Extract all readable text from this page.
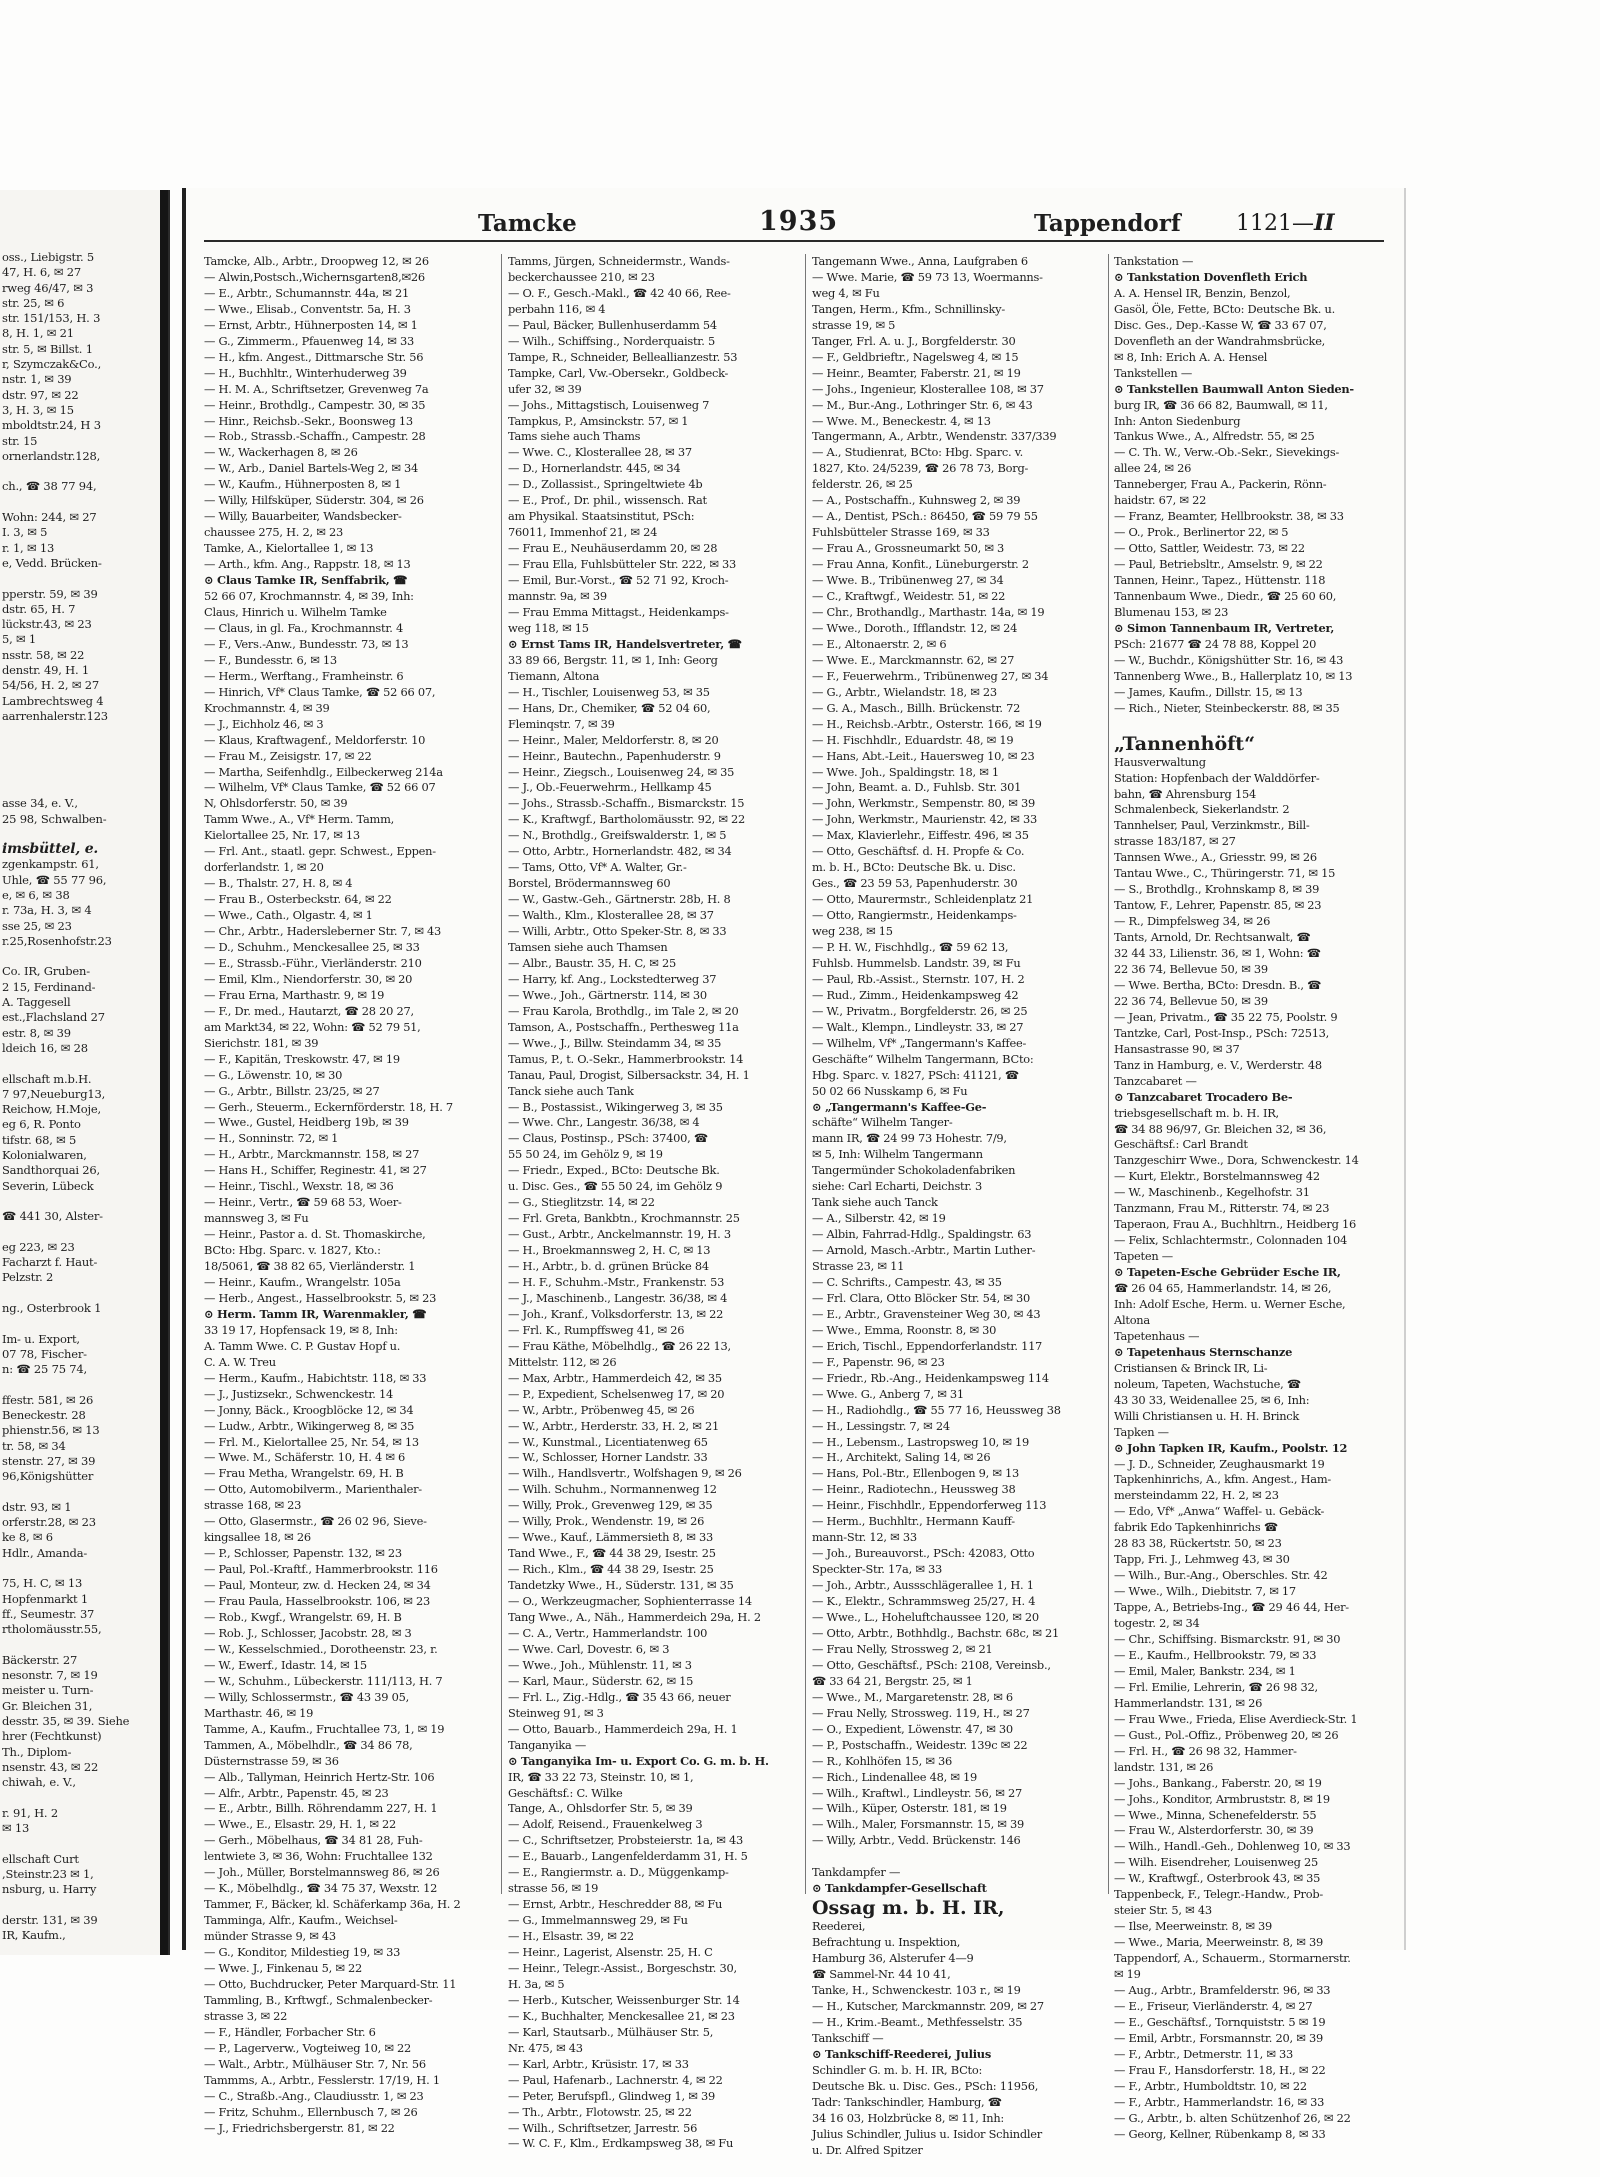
oss., Liebigstr. 5
47, H. 6, ✉ 27
rweg 46/47, ✉ 3
str. 25, ✉ 6
str. 151/153, H. 3
8, H. 1, ✉ 21
str. 5, ✉ Billst. 1
r, Szymczak&Co.,
nstr. 1, ✉ 39
dstr. 97, ✉ 22
3, H. 3, ✉ 15
mboldtstr.24, H 3
str. 15
ornerlandstr.128,

ch., ☎ 38 77 94,

Wohn: 244, ✉ 27
I. 3, ✉ 5
r. 1, ✉ 13
e, Vedd. Brücken-

pperstr. 59, ✉ 39
dstr. 65, H. 7
lückstr.43, ✉ 23
5, ✉ 1
nsstr. 58, ✉ 22
denstr. 49, H. 1
54/56, H. 2, ✉ 27
Lambrechtsweg 4
aarrenhalerstr.123
asse 34, e. V.,
25 98, Schwalben-

imsbüttel, e.
zgenkampstr. 61,
Uhle, ☎ 55 77 96,
e, ✉ 6, ✉ 38
r. 73a, H. 3, ✉ 4
sse 25, ✉ 23
r.25,Rosenhofstr.23

Co. IR, Gruben-
2 15, Ferdinand-
A. Taggesell
est.,Flachsland 27
estr. 8, ✉ 39
ldeich 16, ✉ 28

ellschaft m.b.H.
7 97,Neueburg13,
Reichow, H.Moje,
eg 6, R. Ponto
tifstr. 68, ✉ 5
Kolonialwaren,
Sandthorquai 26,
Severin, Lübeck

☎ 441 30, Alster-

eg 223, ✉ 23
Facharzt f. Haut-
Pelzstr. 2

ng., Osterbrook 1

Im- u. Export,
07 78, Fischer-
n: ☎ 25 75 74,

ffestr. 581, ✉ 26
Beneckestr. 28
phienstr.56, ✉ 13
tr. 58, ✉ 34
stenstr. 27, ✉ 39
96,Königshütter

dstr. 93, ✉ 1
orferstr.28, ✉ 23
ke 8, ✉ 6
Hdlr., Amanda-

75, H. C, ✉ 13
Hopfenmarkt 1
ff., Seumestr. 37
rtholomäusstr.55,

Bäckerstr. 27
nesonstr. 7, ✉ 19
meister u. Turn-
Gr. Bleichen 31,
desstr. 35, ✉ 39. Siehe
hrer (Fechtkunst)
Th., Diplom-
nsenstr. 43, ✉ 22
chiwah, e. V.,

r. 91, H. 2
✉ 13

ellschaft Curt
,Steinstr.23 ✉ 1,
nsburg, u. Harry

derstr. 131, ✉ 39
IR, Kaufm.,
Tamcke	1935	Tappendorf	1121—II
Tamcke, Alb., Arbtr., Droopweg 12, ✉ 26
— Alwin,Postsch.,Wichernsgarten8,✉26
— E., Arbtr., Schumannstr. 44a, ✉ 21
— Wwe., Elisab., Conventstr. 5a, H. 3
— Ernst, Arbtr., Hühnerposten 14, ✉ 1
— G., Zimmerm., Pfauenweg 14, ✉ 33
— H., kfm. Angest., Dittmarsche Str. 56
— H., Buchhltr., Winterhuderweg 39
— H. M. A., Schriftsetzer, Grevenweg 7a
— Heinr., Brothdlg., Campestr. 30, ✉ 35
— Hinr., Reichsb.-Sekr., Boonsweg 13
— Rob., Strassb.-Schaffn., Campestr. 28
— W., Wackerhagen 8, ✉ 26
— W., Arb., Daniel Bartels-Weg 2, ✉ 34
— W., Kaufm., Hühnerposten 8, ✉ 1
— Willy, Hilfsküper, Süderstr. 304, ✉ 26
— Willy, Bauarbeiter, Wandsbecker-
chaussee 275, H. 2, ✉ 23
Tamke, A., Kielortallee 1, ✉ 13
— Arth., kfm. Ang., Rappstr. 18, ✉ 13
⊙ Claus Tamke IR, Senffabrik, ☎
52 66 07, Krochmannstr. 4, ✉ 39, Inh:
Claus, Hinrich u. Wilhelm Tamke
— Claus, in gl. Fa., Krochmannstr. 4
— F., Vers.-Anw., Bundesstr. 73, ✉ 13
— F., Bundesstr. 6, ✉ 13
— Herm., Werftang., Framheinstr. 6
— Hinrich, Vf* Claus Tamke, ☎ 52 66 07,
Krochmannstr. 4, ✉ 39
— J., Eichholz 46, ✉ 3
— Klaus, Kraftwagenf., Meldorferstr. 10
— Frau M., Zeisigstr. 17, ✉ 22
— Martha, Seifenhdlg., Eilbeckerweg 214a
— Wilhelm, Vf* Claus Tamke, ☎ 52 66 07
N, Ohlsdorferstr. 50, ✉ 39
Tamm Wwe., A., Vf* Herm. Tamm,
Kielortallee 25, Nr. 17, ✉ 13
— Frl. Ant., staatl. gepr. Schwest., Eppen-
dorferlandstr. 1, ✉ 20
— B., Thalstr. 27, H. 8, ✉ 4
— Frau B., Osterbeckstr. 64, ✉ 22
— Wwe., Cath., Olgastr. 4, ✉ 1
— Chr., Arbtr., Hadersleberner Str. 7, ✉ 43
— D., Schuhm., Menckesallee 25, ✉ 33
— E., Strassb.-Führ., Vierländerstr. 210
— Emil, Klm., Niendorferstr. 30, ✉ 20
— Frau Erna, Marthastr. 9, ✉ 19
— F., Dr. med., Hautarzt, ☎ 28 20 27,
am Markt34, ✉ 22, Wohn: ☎ 52 79 51,
Sierichstr. 181, ✉ 39
— F., Kapitän, Treskowstr. 47, ✉ 19
— G., Löwenstr. 10, ✉ 30
— G., Arbtr., Billstr. 23/25, ✉ 27
— Gerh., Steuerm., Eckernförderstr. 18, H. 7
— Wwe., Gustel, Heidberg 19b, ✉ 39
— H., Sonninstr. 72, ✉ 1
— H., Arbtr., Marckmannstr. 158, ✉ 27
— Hans H., Schiffer, Reginestr. 41, ✉ 27
— Heinr., Tischl., Wexstr. 18, ✉ 36
— Heinr., Vertr., ☎ 59 68 53, Woer-
mannsweg 3, ✉ Fu
— Heinr., Pastor a. d. St. Thomaskirche,
BCto: Hbg. Sparc. v. 1827, Kto.:
18/5061, ☎ 38 82 65, Vierländerstr. 1
— Heinr., Kaufm., Wrangelstr. 105a
— Herb., Angest., Hasselbrookstr. 5, ✉ 23
⊙ Herm. Tamm IR, Warenmakler, ☎
33 19 17, Hopfensack 19, ✉ 8, Inh:
A. Tamm Wwe. C. P. Gustav Hopf u.
C. A. W. Treu
— Herm., Kaufm., Habichtstr. 118, ✉ 33
— J., Justizsekr., Schwenckestr. 14
— Jonny, Bäck., Kroogblöcke 12, ✉ 34
— Ludw., Arbtr., Wikingerweg 8, ✉ 35
— Frl. M., Kielortallee 25, Nr. 54, ✉ 13
— Wwe. M., Schäferstr. 10, H. 4 ✉ 6
— Frau Metha, Wrangelstr. 69, H. B
— Otto, Automobilverm., Marienthaler-
strasse 168, ✉ 23
— Otto, Glasermstr., ☎ 26 02 96, Sieve-
kingsallee 18, ✉ 26
— P., Schlosser, Papenstr. 132, ✉ 23
— Paul, Pol.-Kraftf., Hammerbrookstr. 116
— Paul, Monteur, zw. d. Hecken 24, ✉ 34
— Frau Paula, Hasselbrookstr. 106, ✉ 23
— Rob., Kwgf., Wrangelstr. 69, H. B
— Rob. J., Schlosser, Jacobstr. 28, ✉ 3
— W., Kesselschmied., Dorotheenstr. 23, r.
— W., Ewerf., Idastr. 14, ✉ 15
— W., Schuhm., Lübeckerstr. 111/113, H. 7
— Willy, Schlossermstr., ☎ 43 39 05,
Marthastr. 46, ✉ 19
Tamme, A., Kaufm., Fruchtallee 73, 1, ✉ 19
Tammen, A., Möbelhdlr., ☎ 34 86 78,
Düsternstrasse 59, ✉ 36
— Alb., Tallyman, Heinrich Hertz-Str. 106
— Alfr., Arbtr., Papenstr. 45, ✉ 23
— E., Arbtr., Billh. Röhrendamm 227, H. 1
— Wwe., E., Elsastr. 29, H. 1, ✉ 22
— Gerh., Möbelhaus, ☎ 34 81 28, Fuh-
lentwiete 3, ✉ 36, Wohn: Fruchtallee 132
— Joh., Müller, Borstelmannsweg 86, ✉ 26
— K., Möbelhdlg., ☎ 34 75 37, Wexstr. 12
Tammer, F., Bäcker, kl. Schäferkamp 36a, H. 2
Tammingа, Alfr., Kaufm., Weichsel-
münder Strasse 9, ✉ 43
— G., Konditor, Mildestieg 19, ✉ 33
— Wwe. J., Finkenau 5, ✉ 22
— Otto, Buchdrucker, Peter Marquard-Str. 11
Tammling, B., Krftwgf., Schmalenbecker-
strasse 3, ✉ 22
— F., Händler, Forbacher Str. 6
— P., Lagerverw., Vogteiweg 10, ✉ 22
— Walt., Arbtr., Mülhäuser Str. 7, Nr. 56
Tammms, A., Arbtr., Fesslerstr. 17/19, H. 1
— C., Straßb.-Ang., Claudiusstr. 1, ✉ 23
— Fritz, Schuhm., Ellernbusch 7, ✉ 26
— J., Friedrichsbergerstr. 81, ✉ 22
Tamms, Jürgen, Schneidermstr., Wands-
beckerchaussee 210, ✉ 23
— O. F., Gesch.-Makl., ☎ 42 40 66, Ree-
perbahn 116, ✉ 4
— Paul, Bäcker, Bullenhuserdamm 54
— Wilh., Schiffsing., Norderquaistr. 5
Tampe, R., Schneider, Belleallianzestr. 53
Tampke, Carl, Vw.-Obersekr., Goldbeck-
ufer 32, ✉ 39
— Johs., Mittagstisch, Louisenweg 7
Tampkus, P., Amsinckstr. 57, ✉ 1
Tams siehe auch Thams
— Wwe. C., Klosterallee 28, ✉ 37
— D., Hornerlandstr. 445, ✉ 34
— D., Zollassist., Springeltwiete 4b
— E., Prof., Dr. phil., wissensch. Rat
am Physikal. Staatsinstitut, PSch:
76011, Immenhof 21, ✉ 24
— Frau E., Neuhäuserdamm 20, ✉ 28
— Frau Ella, Fuhlsbütteler Str. 222, ✉ 33
— Emil, Bur.-Vorst., ☎ 52 71 92, Kroch-
mannstr. 9a, ✉ 39
— Frau Emma Mittagst., Heidenkamps-
weg 118, ✉ 15
⊙ Ernst Tams IR, Handelsvertreter, ☎
33 89 66, Bergstr. 11, ✉ 1, Inh: Georg
Tiemann, Altona
— H., Tischler, Louisenweg 53, ✉ 35
— Hans, Dr., Chemiker, ☎ 52 04 60,
Fleminqstr. 7, ✉ 39
— Heinr., Maler, Meldorferstr. 8, ✉ 20
— Heinr., Bautechn., Papenhuderstr. 9
— Heinr., Ziegsch., Louisenweg 24, ✉ 35
— J., Ob.-Feuerwehrm., Hellkamp 45
— Johs., Strassb.-Schaffn., Bismarckstr. 15
— K., Kraftwgf., Bartholomäusstr. 92, ✉ 22
— N., Brothdlg., Greifswalderstr. 1, ✉ 5
— Otto, Arbtr., Hornerlandstr. 482, ✉ 34
— Tams, Otto, Vf* A. Walter, Gr.-
Borstel, Brödermannsweg 60
— W., Gastw.-Geh., Gärtnerstr. 28b, H. 8
— Walth., Klm., Klosterallee 28, ✉ 37
— Willi, Arbtr., Otto Speker-Str. 8, ✉ 33
Tamsen siehe auch Thamsen
— Albr., Baustr. 35, H. C, ✉ 25
— Harry, kf. Ang., Lockstedterweg 37
— Wwe., Joh., Gärtnerstr. 114, ✉ 30
— Frau Karola, Brothdlg., im Tale 2, ✉ 20
Tamson, A., Postschaffn., Perthesweg 11a
— Wwe., J., Billw. Steindamm 34, ✉ 35
Tamus, P., t. O.-Sekr., Hammerbrookstr. 14
Tanau, Paul, Drogist, Silbersackstr. 34, H. 1
Tanck siehe auch Tank
— B., Postassist., Wikingerweg 3, ✉ 35
— Wwe. Chr., Langestr. 36/38, ✉ 4
— Claus, Postinsp., PSch: 37400, ☎
55 50 24, im Gehölz 9, ✉ 19
— Friedr., Exped., BCto: Deutsche Bk.
u. Disc. Ges., ☎ 55 50 24, im Gehölz 9
— G., Stieglitzstr. 14, ✉ 22
— Frl. Greta, Bankbtn., Krochmannstr. 25
— Gust., Arbtr., Anckelmannstr. 19, H. 3
— H., Broekmannsweg 2, H. C, ✉ 13
— H., Arbtr., b. d. grünen Brücke 84
— H. F., Schuhm.-Mstr., Frankenstr. 53
— J., Maschinenb., Langestr. 36/38, ✉ 4
— Joh., Kranf., Volksdorferstr. 13, ✉ 22
— Frl. K., Rumpffsweg 41, ✉ 26
— Frau Käthe, Möbelhdlg., ☎ 26 22 13,
Mittelstr. 112, ✉ 26
— Max, Arbtr., Hammerdeich 42, ✉ 35
— P., Expedient, Schelsenweg 17, ✉ 20
— W., Arbtr., Pröbenweg 45, ✉ 26
— W., Arbtr., Herderstr. 33, H. 2, ✉ 21
— W., Kunstmal., Licentiatenweg 65
— W., Schlosser, Horner Landstr. 33
— Wilh., Handlsvertr., Wolfshagen 9, ✉ 26
— Wilh. Schuhm., Normannenweg 12
— Willy, Prok., Grevenweg 129, ✉ 35
— Willy, Prok., Wendenstr. 19, ✉ 26
— Wwe., Kauf., Lämmersieth 8, ✉ 33
Tand Wwe., F., ☎ 44 38 29, Isestr. 25
— Rich., Klm., ☎ 44 38 29, Isestr. 25
Tandetzky Wwe., H., Süderstr. 131, ✉ 35
— O., Werkzeugmacher, Sophienterrasse 14
Tang Wwe., A., Näh., Hammerdeich 29a, H. 2
— C. A., Vertr., Hammerlandstr. 100
— Wwe. Carl, Dovestr. 6, ✉ 3
— Wwe., Joh., Mühlenstr. 11, ✉ 3
— Karl, Maur., Süderstr. 62, ✉ 15
— Frl. L., Zig.-Hdlg., ☎ 35 43 66, neuer
Steinweg 91, ✉ 3
— Otto, Bauarb., Hammerdeich 29a, H. 1
Tanganyika —
⊙ Tanganyika Im- u. Export Co. G. m. b. H.
IR, ☎ 33 22 73, Steinstr. 10, ✉ 1,
Geschäftsf.: C. Wilke
Tange, A., Ohlsdorfer Str. 5, ✉ 39
— Adolf, Reisend., Frauenkelweg 3
— C., Schriftsetzer, Probsteierstr. 1a, ✉ 43
— E., Bauarb., Langenfelderdamm 31, H. 5
— E., Rangiermstr. a. D., Müggenkamp-
strasse 56, ✉ 19
— Ernst, Arbtr., Heschredder 88, ✉ Fu
— G., Immelmannsweg 29, ✉ Fu
— H., Elsastr. 39, ✉ 22
— Heinr., Lagerist, Alsenstr. 25, H. C
— Heinr., Telegr.-Assist., Borgeschstr. 30,
H. 3a, ✉ 5
— Herb., Kutscher, Weissenburger Str. 14
— K., Buchhalter, Menckesallee 21, ✉ 23
— Karl, Stautsarb., Mülhäuser Str. 5,
Nr. 475, ✉ 43
— Karl, Arbtr., Krüsistr. 17, ✉ 33
— Paul, Hafenarb., Lachnerstr. 4, ✉ 22
— Peter, Berufspfl., Glindweg 1, ✉ 39
— Th., Arbtr., Flotowstr. 25, ✉ 22
— Wilh., Schriftsetzer, Jarrestr. 56
— W. C. F., Klm., Erdkampsweg 38, ✉ Fu
Tangemann Wwe., Anna, Laufgraben 6
— Wwe. Marie, ☎ 59 73 13, Woermanns-
weg 4, ✉ Fu
Tangen, Herm., Kfm., Schnillinsky-
strasse 19, ✉ 5
Tanger, Frl. A. u. J., Borgfelderstr. 30
— F., Geldbrieftr., Nagelsweg 4, ✉ 15
— Heinr., Beamter, Faberstr. 21, ✉ 19
— Johs., Ingenieur, Klosterallee 108, ✉ 37
— M., Bur.-Ang., Lothringer Str. 6, ✉ 43
— Wwe. M., Beneckestr. 4, ✉ 13
Tangermann, A., Arbtr., Wendenstr. 337/339
— A., Studienrat, BCto: Hbg. Sparc. v.
1827, Kto. 24/5239, ☎ 26 78 73, Borg-
felderstr. 26, ✉ 25
— A., Postschaffn., Kuhnsweg 2, ✉ 39
— A., Dentist, PSch.: 86450, ☎ 59 79 55
Fuhlsbütteler Strasse 169, ✉ 33
— Frau A., Grossneumarkt 50, ✉ 3
— Frau Anna, Konfit., Lüneburgerstr. 2
— Wwe. B., Tribünenweg 27, ✉ 34
— C., Kraftwgf., Weidestr. 51, ✉ 22
— Chr., Brothandlg., Marthastr. 14a, ✉ 19
— Wwe., Doroth., Ifflandstr. 12, ✉ 24
— E., Altonaerstr. 2, ✉ 6
— Wwe. E., Marckmannstr. 62, ✉ 27
— F., Feuerwehrm., Tribünenweg 27, ✉ 34
— G., Arbtr., Wielandstr. 18, ✉ 23
— G. A., Masch., Billh. Brückenstr. 72
— H., Reichsb.-Arbtr., Osterstr. 166, ✉ 19
— H. Fischhdlr., Eduardstr. 48, ✉ 19
— Hans, Abt.-Leit., Hauersweg 10, ✉ 23
— Wwe. Joh., Spaldingstr. 18, ✉ 1
— John, Beamt. a. D., Fuhlsb. Str. 301
— John, Werkmstr., Sempenstr. 80, ✉ 39
— John, Werkmstr., Maurienstr. 42, ✉ 33
— Max, Klavierlehr., Eiffestr. 496, ✉ 35
— Otto, Geschäftsf. d. H. Propfe & Co.
m. b. H., BCto: Deutsche Bk. u. Disc.
Ges., ☎ 23 59 53, Papenhuderstr. 30
— Otto, Maurermstr., Schleidenplatz 21
— Otto, Rangiermstr., Heidenkamps-
weg 238, ✉ 15
— P. H. W., Fischhdlg., ☎ 59 62 13,
Fuhlsb. Hummelsb. Landstr. 39, ✉ Fu
— Paul, Rb.-Assist., Sternstr. 107, H. 2
— Rud., Zimm., Heidenkampsweg 42
— W., Privatm., Borgfelderstr. 26, ✉ 25
— Walt., Klempn., Lindleystr. 33, ✉ 27
— Wilhelm, Vf* „Tangermann's Kaffee-
Geschäfte“ Wilhelm Tangermann, BCto:
Hbg. Sparc. v. 1827, PSch: 41121, ☎
50 02 66 Nusskamp 6, ✉ Fu
⊙ „Tangermann's Kaffee-Ge-
schäfte“ Wilhelm Tanger-
mann IR, ☎ 24 99 73 Hohestr. 7/9,
✉ 5, Inh: Wilhelm Tangermann
Tangermünder Schokoladenfabriken
siehe: Carl Echarti, Deichstr. 3
Tank siehe auch Tanck
— A., Silberstr. 42, ✉ 19
— Albin, Fahrrad-Hdlg., Spaldingstr. 63
— Arnold, Masch.-Arbtr., Martin Luther-
Strasse 23, ✉ 11
— C. Schrifts., Campestr. 43, ✉ 35
— Frl. Clara, Otto Blöcker Str. 54, ✉ 30
— E., Arbtr., Gravensteiner Weg 30, ✉ 43
— Wwe., Emma, Roonstr. 8, ✉ 30
— Erich, Tischl., Eppendorferlandstr. 117
— F., Papenstr. 96, ✉ 23
— Friedr., Rb.-Ang., Heidenkampsweg 114
— Wwe. G., Anberg 7, ✉ 31
— H., Radiohdlg., ☎ 55 77 16, Heussweg 38
— H., Lessingstr. 7, ✉ 24
— H., Lebensm., Lastropsweg 10, ✉ 19
— H., Architekt, Saling 14, ✉ 26
— Hans, Pol.-Btr., Ellenbogen 9, ✉ 13
— Heinr., Radiotechn., Heussweg 38
— Heinr., Fischhdlr., Eppendorferweg 113
— Herm., Buchhltr., Hermann Kauff-
mann-Str. 12, ✉ 33
— Joh., Bureauvorst., PSch: 42083, Otto
Speckter-Str. 17a, ✉ 33
— Joh., Arbtr., Aussschlägerallee 1, H. 1
— K., Elektr., Schrammsweg 25/27, H. 4
— Wwe., L., Hoheluftchaussee 120, ✉ 20
— Otto, Arbtr., Bothhdlg., Bachstr. 68c, ✉ 21
— Frau Nelly, Strossweg 2, ✉ 21
— Otto, Geschäftsf., PSch: 2108, Vereinsb.,
☎ 33 64 21, Bergstr. 25, ✉ 1
— Wwe., M., Margaretenstr. 28, ✉ 6
— Frau Nelly, Strossweg. 119, H., ✉ 27
— O., Expedient, Löwenstr. 47, ✉ 30
— P., Postschaffn., Weidestr. 139c ✉ 22
— R., Kohlhöfen 15, ✉ 36
— Rich., Lindenallee 48, ✉ 19
— Wilh., Kraftwl., Lindleystr. 56, ✉ 27
— Wilh., Küper, Osterstr. 181, ✉ 19
— Wilh., Maler, Forsmannstr. 15, ✉ 39
— Willy, Arbtr., Vedd. Brückenstr. 146

Tankdampfer —
⊙ Tankdampfer-Gesellschaft
Ossag m. b. H. IR,
Reederei,
Befrachtung u. Inspektion,
Hamburg 36, Alsterufer 4—9
☎ Sammel-Nr. 44 10 41,
Tanke, H., Schwenckestr. 103 r., ✉ 19
— H., Kutscher, Marckmannstr. 209, ✉ 27
— H., Krim.-Beamt., Methfesselstr. 35
Tankschiff —
⊙ Tankschiff-Reederei, Julius
Schindler G. m. b. H. IR, BCto:
Deutsche Bk. u. Disc. Ges., PSch: 11956,
Tadr: Tankschindler, Hamburg, ☎
34 16 03, Holzbrücke 8, ✉ 11, Inh:
Julius Schindler, Julius u. Isidor Schindler
u. Dr. Alfred Spitzer
Tankstation —
⊙ Tankstation Dovenfleth Erich
A. A. Hensel IR, Benzin, Benzol,
Gasöl, Öle, Fette, BCto: Deutsche Bk. u.
Disc. Ges., Dep.-Kasse W, ☎ 33 67 07,
Dovenfleth an der Wandrahmsbrücke,
✉ 8, Inh: Erich A. A. Hensel
Tankstellen —
⊙ Tankstellen Baumwall Anton Sieden-
burg IR, ☎ 36 66 82, Baumwall, ✉ 11,
Inh: Anton Siedenburg
Tankus Wwe., A., Alfredstr. 55, ✉ 25
— C. Th. W., Verw.-Ob.-Sekr., Sievekings-
allee 24, ✉ 26
Tanneberger, Frau A., Packerin, Rönn-
haidstr. 67, ✉ 22
— Franz, Beamter, Hellbrookstr. 38, ✉ 33
— O., Prok., Berlinertor 22, ✉ 5
— Otto, Sattler, Weidestr. 73, ✉ 22
— Paul, Betriebsltr., Amselstr. 9, ✉ 22
Tannen, Heinr., Tapez., Hüttenstr. 118
Tannenbaum Wwe., Diedr., ☎ 25 60 60,
Blumenau 153, ✉ 23
⊙ Simon Tannenbaum IR, Vertreter,
PSch: 21677 ☎ 24 78 88, Koppel 20
— W., Buchdr., Königshütter Str. 16, ✉ 43
Tannenberg Wwe., B., Hallerplatz 10, ✉ 13
— James, Kaufm., Dillstr. 15, ✉ 13
— Rich., Nieter, Steinbeckerstr. 88, ✉ 35

„Tannenhöft“
Hausverwaltung
Station: Hopfenbach der Walddörfer-
bahn, ☎ Ahrensburg 154
Schmalenbeck, Siekerlandstr. 2
Tannhelser, Paul, Verzinkmstr., Bill-
strasse 183/187, ✉ 27
Tannsen Wwe., A., Griesstr. 99, ✉ 26
Tantau Wwe., C., Thüringerstr. 71, ✉ 15
— S., Brothdlg., Krohnskamp 8, ✉ 39
Tantow, F., Lehrer, Papenstr. 85, ✉ 23
— R., Dimpfelsweg 34, ✉ 26
Tants, Arnold, Dr. Rechtsanwalt, ☎
32 44 33, Lilienstr. 36, ✉ 1, Wohn: ☎
22 36 74, Bellevue 50, ✉ 39
— Wwe. Bertha, BCto: Dresdn. B., ☎
22 36 74, Bellevue 50, ✉ 39
— Jean, Privatm., ☎ 35 22 75, Poolstr. 9
Tantzke, Carl, Post-Insp., PSch: 72513,
Hansastrasse 90, ✉ 37
Tanz in Hamburg, e. V., Werderstr. 48
Tanzcabaret —
⊙ Tanzcabaret Trocadero Be-
triebsgesellschaft m. b. H. IR,
☎ 34 88 96/97, Gr. Bleichen 32, ✉ 36,
Geschäftsf.: Carl Brandt
Tanzgeschirr Wwe., Dora, Schwenckestr. 14
— Kurt, Elektr., Borstelmannsweg 42
— W., Maschinenb., Kegelhofstr. 31
Tanzmann, Frau M., Ritterstr. 74, ✉ 23
Taperaon, Frau A., Buchhltrn., Heidberg 16
— Felix, Schlachtermstr., Colonnaden 104
Tapeten —
⊙ Tapeten-Esche Gebrüder Esche IR,
☎ 26 04 65, Hammerlandstr. 14, ✉ 26,
Inh: Adolf Esche, Herm. u. Werner Esche,
Altona
Tapetenhaus —
⊙ Tapetenhaus Sternschanze
Cristiansen & Brinck IR, Li-
noleum, Tapeten, Wachstuche, ☎
43 30 33, Weidenallee 25, ✉ 6, Inh:
Willi Christiansen u. H. H. Brinck
Tapken —
⊙ John Tapken IR, Kaufm., Poolstr. 12
— J. D., Schneider, Zeughausmarkt 19
Tapkenhinrichs, A., kfm. Angest., Ham-
mersteindamm 22, H. 2, ✉ 23
— Edo, Vf* „Anwa“ Waffel- u. Gebäck-
fabrik Edo Tapkenhinrichs ☎
28 83 38, Rückertstr. 50, ✉ 23
Tapp, Fri. J., Lehmweg 43, ✉ 30
— Wilh., Bur.-Ang., Oberschles. Str. 42
— Wwe., Wilh., Diebitstr. 7, ✉ 17
Tappe, A., Betriebs-Ing., ☎ 29 46 44, Her-
togestr. 2, ✉ 34
— Chr., Schiffsing. Bismarckstr. 91, ✉ 30
— E., Kaufm., Hellbrookstr. 79, ✉ 33
— Emil, Maler, Bankstr. 234, ✉ 1
— Frl. Emilie, Lehrerin, ☎ 26 98 32,
Hammerlandstr. 131, ✉ 26
— Frau Wwe., Frieda, Elise Averdieck-Str. 1
— Gust., Pol.-Offiz., Pröbenweg 20, ✉ 26
— Frl. H., ☎ 26 98 32, Hammer-
landstr. 131, ✉ 26
— Johs., Bankang., Faberstr. 20, ✉ 19
— Johs., Konditor, Armbruststr. 8, ✉ 19
— Wwe., Minna, Schenefelderstr. 55
— Frau W., Alsterdorferstr. 30, ✉ 39
— Wilh., Handl.-Geh., Dohlenweg 10, ✉ 33
— Wilh. Eisendreher, Louisenweg 25
— W., Kraftwgf., Osterbrook 43, ✉ 35
Tappenbeck, F., Telegr.-Handw., Prob-
steier Str. 5, ✉ 43
— Ilse, Meerweinstr. 8, ✉ 39
— Wwe., Maria, Meerweinstr. 8, ✉ 39
Tappendorf, A., Schauerm., Stormarnerstr.
✉ 19
— Aug., Arbtr., Bramfelderstr. 96, ✉ 33
— E., Friseur, Vierländerstr. 4, ✉ 27
— E., Geschäftsf., Tornquiststr. 5 ✉ 19
— Emil, Arbtr., Forsmannstr. 20, ✉ 39
— F., Arbtr., Detmerstr. 11, ✉ 33
— Frau F., Hansdorferstr. 18, H., ✉ 22
— F., Arbtr., Humboldtstr. 10, ✉ 22
— F., Arbtr., Hammerlandstr. 16, ✉ 33
— G., Arbtr., b. alten Schützenhof 26, ✉ 22
— Georg, Kellner, Rübenkamp 8, ✉ 33
